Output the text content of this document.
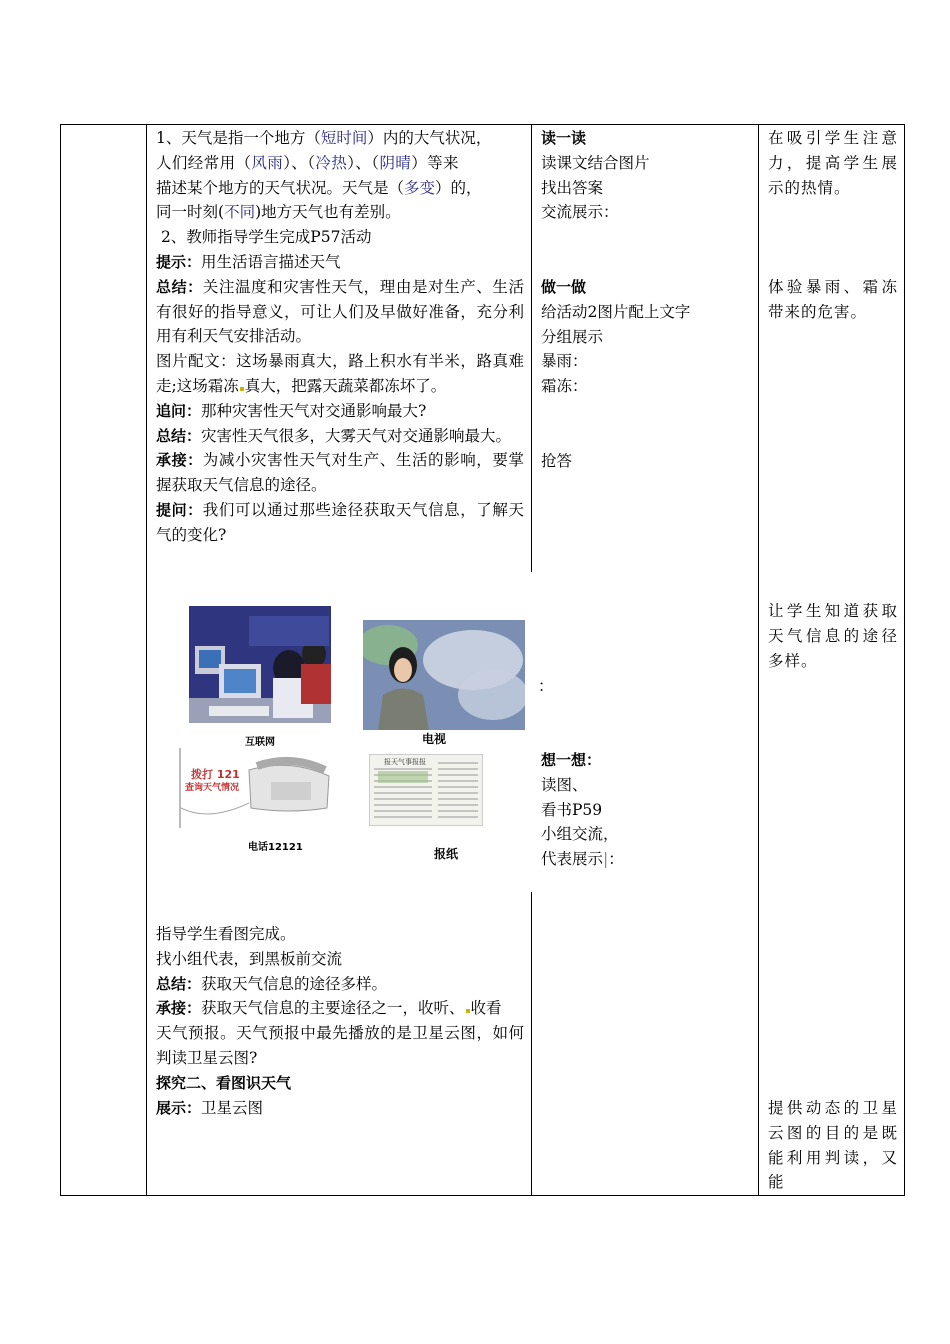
1、天气是指一个地方（短时间）内的大气状况，

人们经常用（风雨）、（冷热）、（阴晴）等来

描述某个地方的天气状况。天气是（多变）的，

同一时刻(不同)地方天气也有差别。

2、教师指导学生完成P57活动

提示：用生活语言描述天气

总结：关注温度和灾害性天气，理由是对生产、生活有很好的指导意义，可让人们及早做好准备，充分利用有利天气安排活动。

图片配文：这场暴雨真大，路上积水有半米，路真难走;这场霜冻 真大，把露天蔬菜都冻坏了。

追问：那种灾害性天气对交通影响最大?

总结：灾害性天气很多，大雾天气对交通影响最大。

承接：为减小灾害性天气对生产、生活的影响，要掌握获取天气信息的途径。

提问：我们可以通过那些途径获取天气信息，了解天气的变化?

互联网	电视
拨打 121
查询天气情况
电话12121
报天气事报报
报纸

指导学生看图完成。

找小组代表，到黑板前交流

总结：获取天气信息的途径多样。

承接：获取天气信息的主要途径之一，收听、 收看

天气预报。天气预报中最先播放的是卫星云图，如何判读卫星云图?

探究二、看图识天气

展示：卫星云图

读一读

读课文结合图片

找出答案

交流展示：

做一做

给活动2图片配上文字

分组展示

暴雨：

霜冻：

抢答
：

想一想：

读图、

看书P59

小组交流，

代表展示|：

在吸引学生注意力，提高学生展示的热情。
体验暴雨、霜冻带来的危害。
让学生知道获取天气信息的途径多样。
提供动态的卫星云图的目的是既能利用判读，又能
